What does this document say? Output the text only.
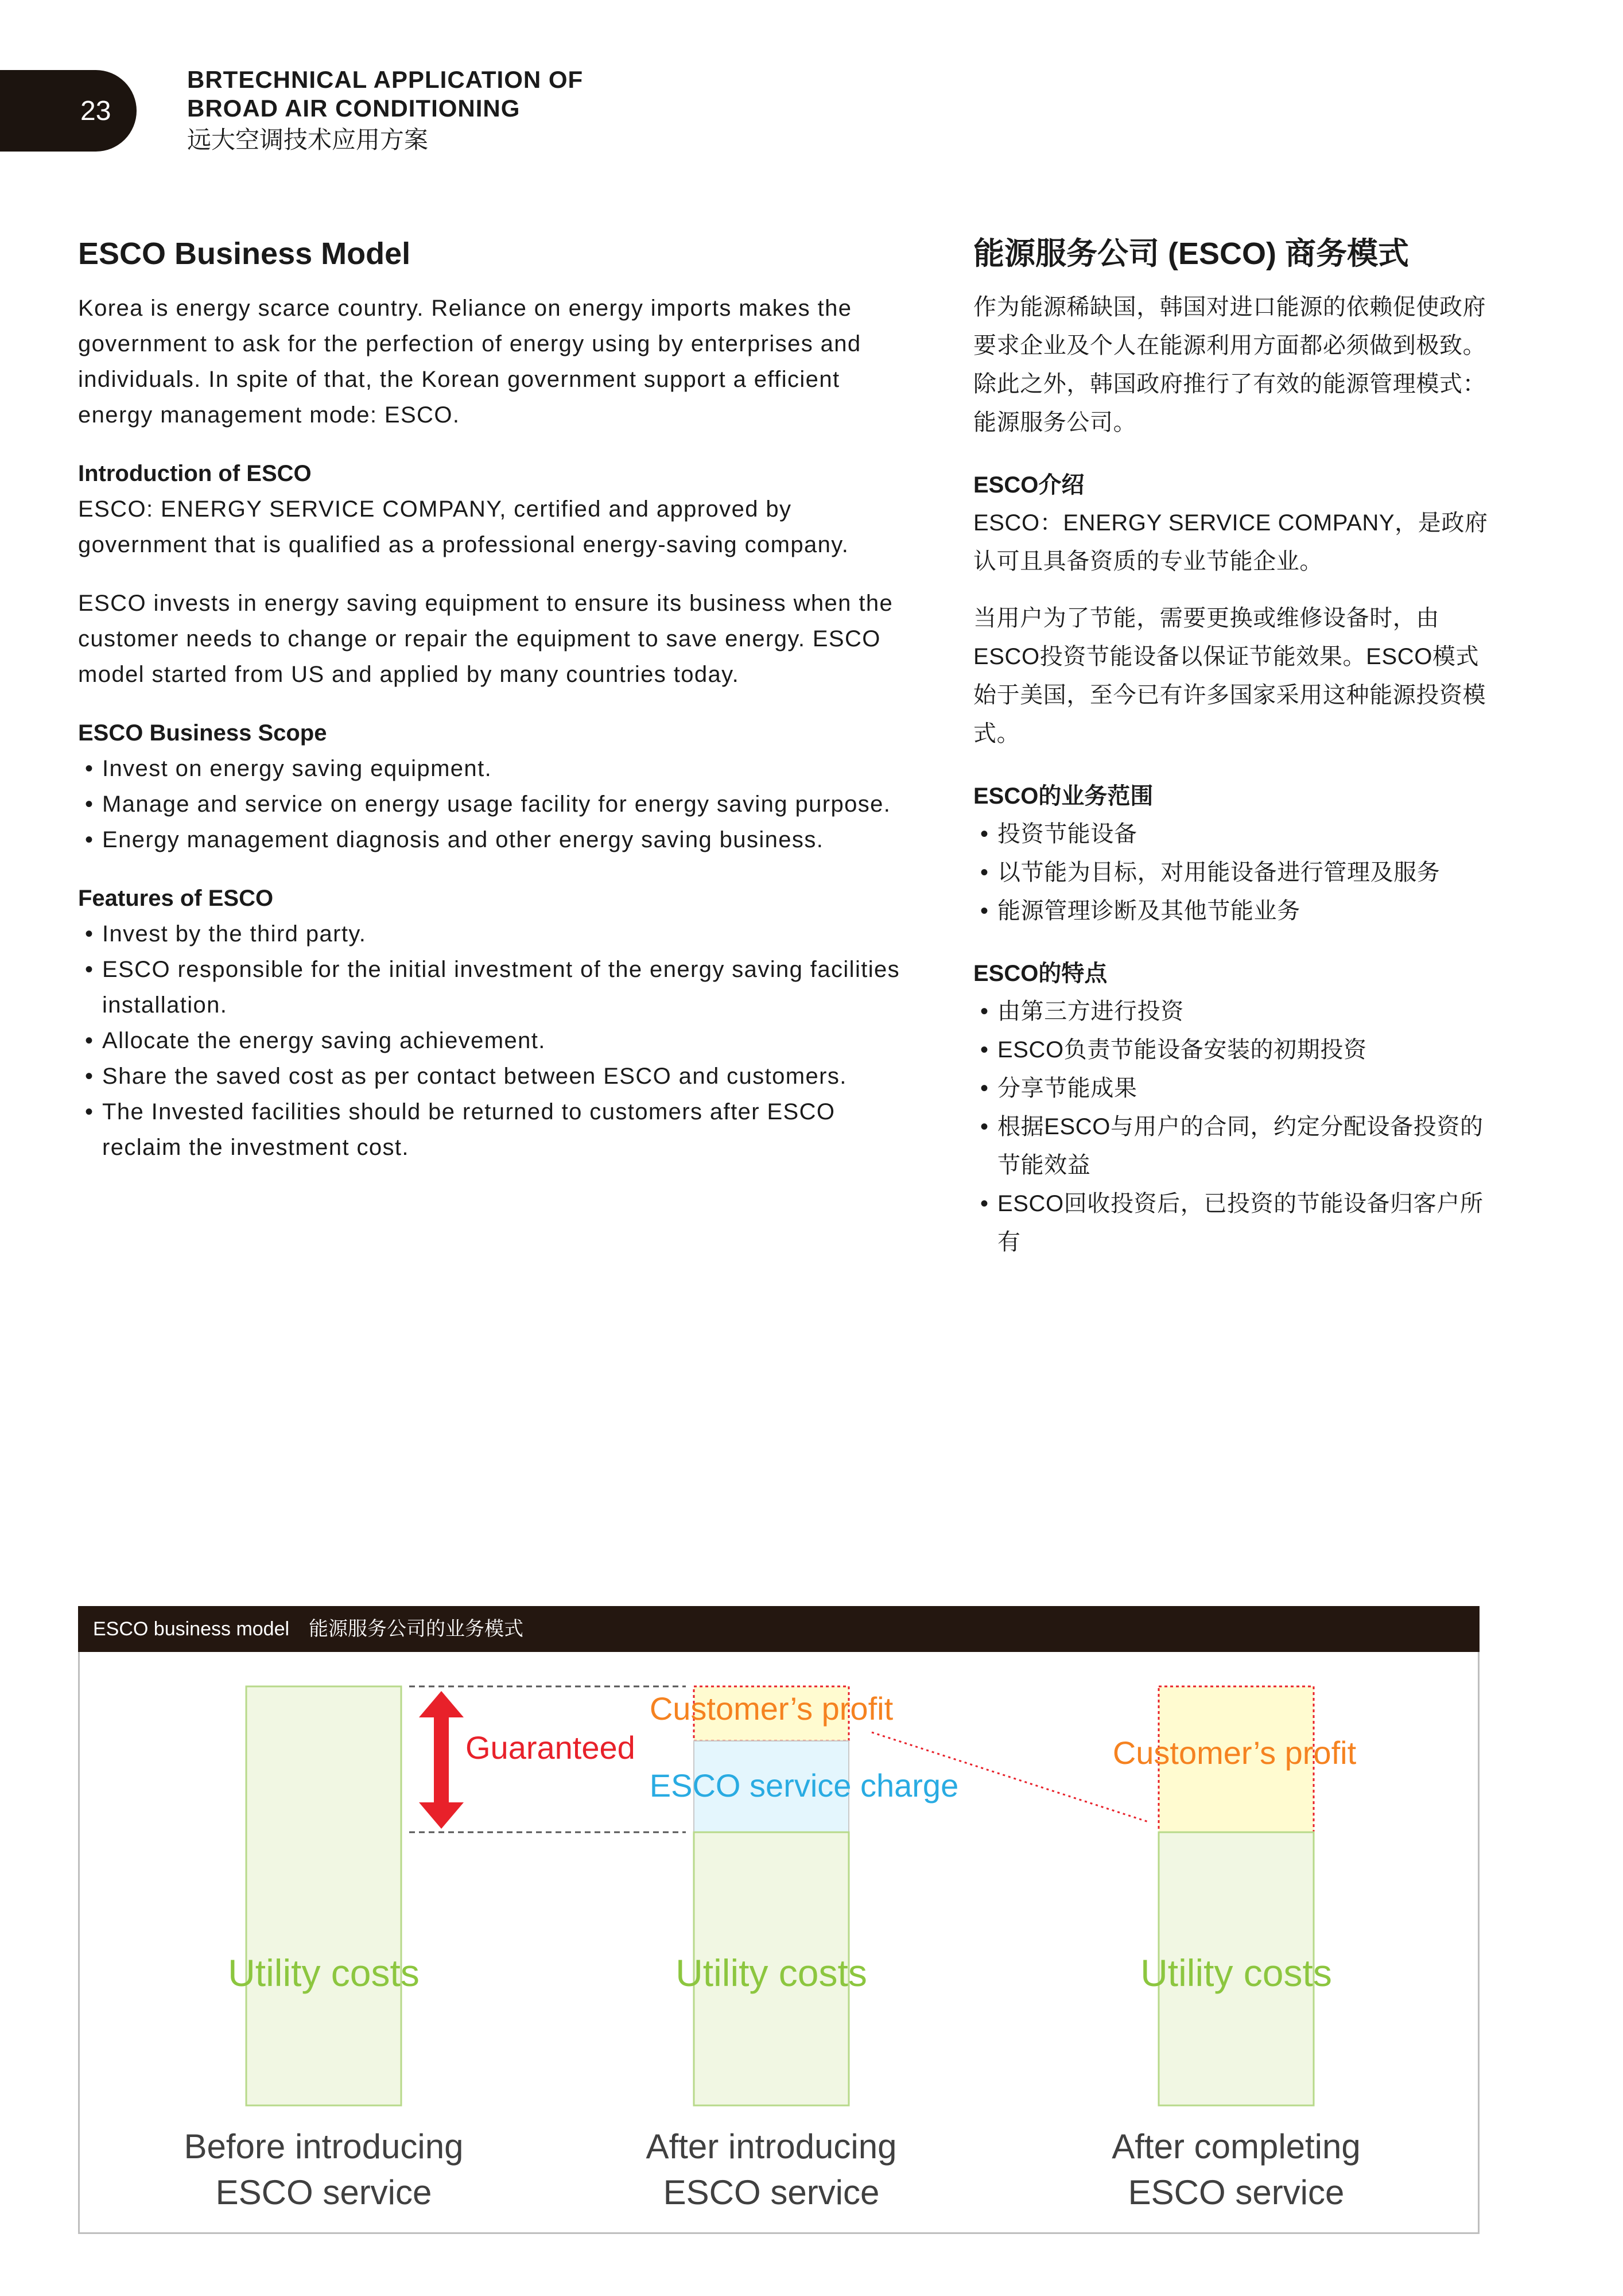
23
BRTECHNICAL APPLICATION OF
BROAD AIR CONDITIONING
远大空调技术应用方案
ESCO Business Model

Korea is energy scarce country. Reliance on energy imports makes the government to ask for the perfection of energy using by enterprises and individuals. In spite of that, the Korean government support a efficient energy management mode: ESCO.

Introduction of ESCO

ESCO: ENERGY SERVICE COMPANY, certified and approved by government that is qualified as a professional energy-saving company.

ESCO invests in energy saving equipment to ensure its business when the customer needs to change or repair the equipment to save energy. ESCO model started from US and applied by many countries today.

ESCO Business Scope
• Invest on energy saving equipment.
• Manage and service on energy usage facility for energy saving purpose.
• Energy management diagnosis and other energy saving business.
Features of ESCO
• Invest by the third party.
• ESCO responsible for the initial investment of the energy saving facilities installation.
• Allocate the energy saving achievement.
• Share the saved cost as per contact between ESCO and customers.
• The Invested facilities should be returned to customers after ESCO reclaim the investment cost.
能源服务公司 (ESCO) 商务模式

作为能源稀缺国，韩国对进口能源的依赖促使政府要求企业及个人在能源利用方面都必须做到极致。除此之外，韩国政府推行了有效的能源管理模式：能源服务公司。

ESCO介绍

ESCO：ENERGY SERVICE COMPANY，是政府认可且具备资质的专业节能企业。

当用户为了节能，需要更换或维修设备时，由ESCO投资节能设备以保证节能效果。ESCO模式始于美国，至今已有许多国家采用这种能源投资模式。

ESCO的业务范围
• 投资节能设备
• 以节能为目标，对用能设备进行管理及服务
• 能源管理诊断及其他节能业务
ESCO的特点
• 由第三方进行投资
• ESCO负责节能设备安装的初期投资
• 分享节能成果
• 根据ESCO与用户的合同，约定分配设备投资的节能效益
• ESCO回收投资后，已投资的节能设备归客户所有
ESCO business model　能源服务公司的业务模式
Guaranteed
Customer’s profit
ESCO service charge
Customer’s profit
Utility costs	Utility costs	Utility costs
Before introducing
ESCO service
After introducing
ESCO service
After completing
ESCO service
